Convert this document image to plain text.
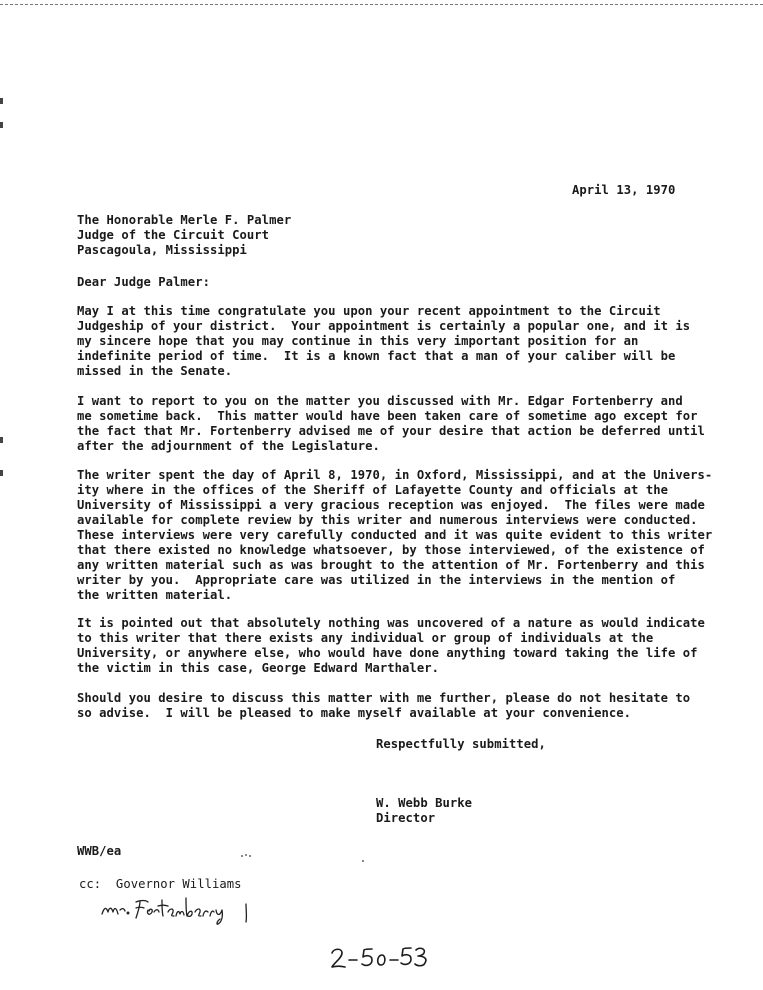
April 13, 1970
The Honorable Merle F. Palmer
Judge of the Circuit Court
Pascagoula, Mississippi
Dear Judge Palmer:
May I at this time congratulate you upon your recent appointment to the Circuit
Judgeship of your district.  Your appointment is certainly a popular one, and it is
my sincere hope that you may continue in this very important position for an
indefinite period of time.  It is a known fact that a man of your caliber will be
missed in the Senate.
I want to report to you on the matter you discussed with Mr. Edgar Fortenberry and
me sometime back.  This matter would have been taken care of sometime ago except for
the fact that Mr. Fortenberry advised me of your desire that action be deferred until
after the adjournment of the Legislature.
The writer spent the day of April 8, 1970, in Oxford, Mississippi, and at the Univers-
ity where in the offices of the Sheriff of Lafayette County and officials at the
University of Mississippi a very gracious reception was enjoyed.  The files were made
available for complete review by this writer and numerous interviews were conducted.
These interviews were very carefully conducted and it was quite evident to this writer
that there existed no knowledge whatsoever, by those interviewed, of the existence of
any written material such as was brought to the attention of Mr. Fortenberry and this
writer by you.  Appropriate care was utilized in the interviews in the mention of
the written material.
It is pointed out that absolutely nothing was uncovered of a nature as would indicate
to this writer that there exists any individual or group of individuals at the
University, or anywhere else, who would have done anything toward taking the life of
the victim in this case, George Edward Marthaler.
Should you desire to discuss this matter with me further, please do not hesitate to
so advise.  I will be pleased to make myself available at your convenience.
Respectfully submitted,
W. Webb Burke
Director
WWB/ea
cc:  Governor Williams
